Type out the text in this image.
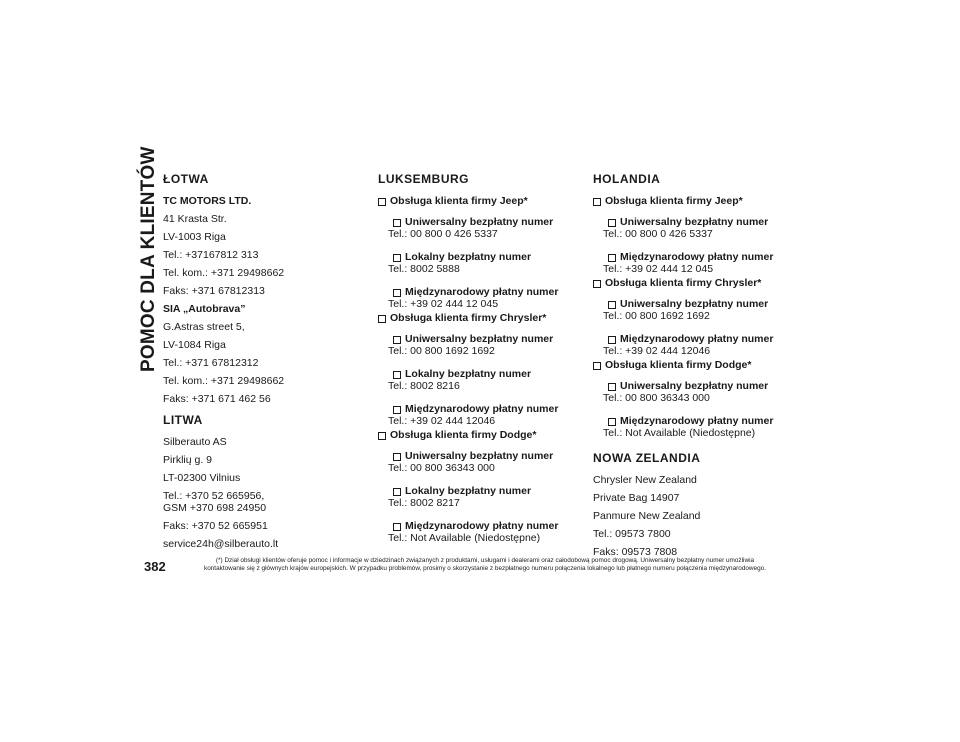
POMOC DLA KLIENTÓW
382
ŁOTWA
TC MOTORS LTD.
41 Krasta Str.
LV-1003 Riga
Tel.: +37167812 313
Tel. kom.: +371 29498662
Faks: +371 67812313
SIA „Autobrava”
G.Astras street 5,
LV-1084 Riga
Tel.: +371 67812312
Tel. kom.: +371 29498662
Faks: +371 671 462 56
LITWA
Silberauto AS
Pirklių g. 9
LT-02300 Vilnius
Tel.: +370 52 665956,
GSM +370 698 24950
Faks: +370 52 665951
service24h@silberauto.lt
LUKSEMBURG
Obsługa klienta firmy Jeep*
Uniwersalny bezpłatny numer
Tel.: 00 800 0 426 5337
Lokalny bezpłatny numer
Tel.: 8002 5888
Międzynarodowy płatny numer
Tel.: +39 02 444 12 045
Obsługa klienta firmy Chrysler*
Uniwersalny bezpłatny numer
Tel.: 00 800 1692 1692
Lokalny bezpłatny numer
Tel.: 8002 8216
Międzynarodowy płatny numer
Tel.: +39 02 444 12046
Obsługa klienta firmy Dodge*
Uniwersalny bezpłatny numer
Tel.: 00 800 36343 000
Lokalny bezpłatny numer
Tel.: 8002 8217
Międzynarodowy płatny numer
Tel.: Not Available (Niedostępne)
HOLANDIA
Obsługa klienta firmy Jeep*
Uniwersalny bezpłatny numer
Tel.: 00 800 0 426 5337
Międzynarodowy płatny numer
Tel.: +39 02 444 12 045
Obsługa klienta firmy Chrysler*
Uniwersalny bezpłatny numer
Tel.: 00 800 1692 1692
Międzynarodowy płatny numer
Tel.: +39 02 444 12046
Obsługa klienta firmy Dodge*
Uniwersalny bezpłatny numer
Tel.: 00 800 36343 000
Międzynarodowy płatny numer
Tel.: Not Available (Niedostępne)
NOWA ZELANDIA
Chrysler New Zealand
Private Bag 14907
Panmure New Zealand
Tel.: 09573 7800
Faks: 09573 7808
(*) Dział obsługi klientów oferuje pomoc i informacje w dziedzinach związanych z produktami, usługami i dealerami oraz całodobową pomoc drogową. Uniwersalny bezpłatny numer umożliwia
kontaktowanie się z głównych krajów europejskich. W przypadku problemów, prosimy o skorzystanie z bezpłatnego numeru połączenia lokalnego lub płatnego numeru połączenia międzynarodowego.
